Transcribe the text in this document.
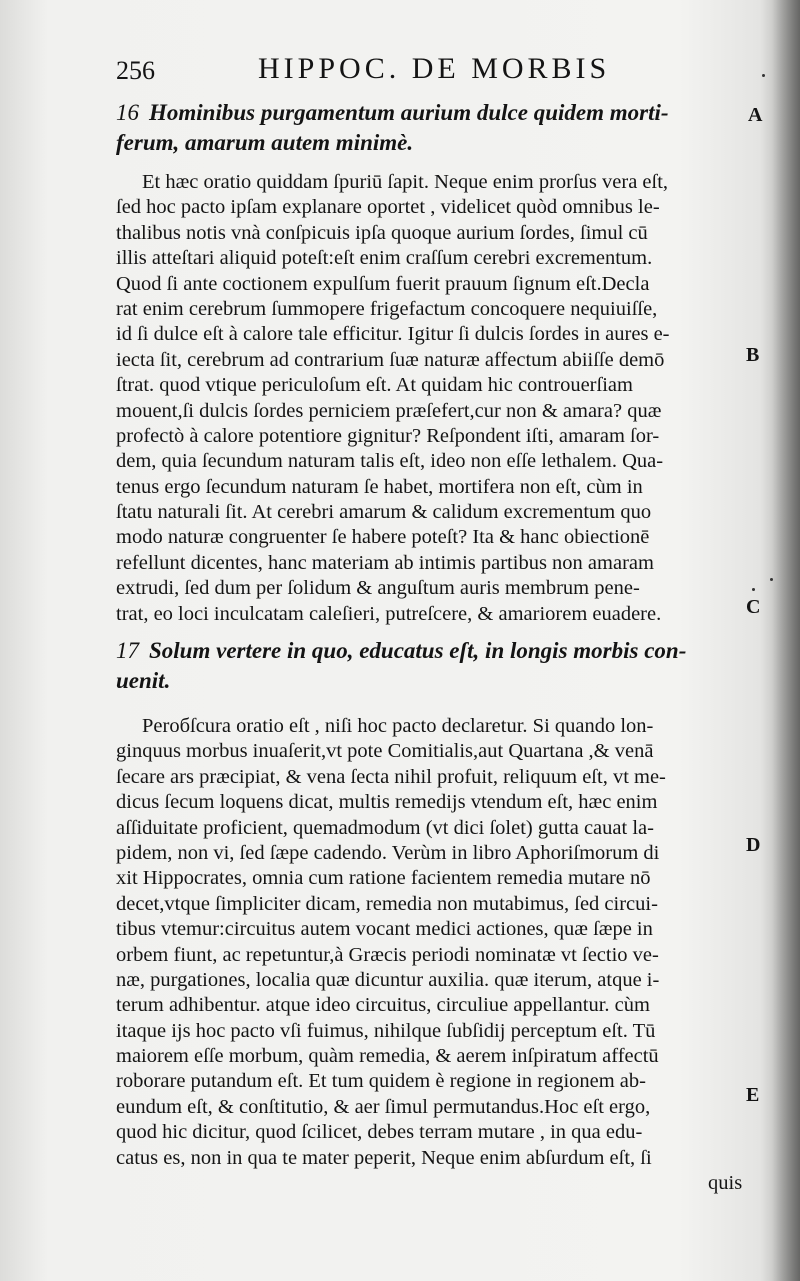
256	HIPPOC. DE MORBIS
16 Hominibus purgamentum aurium dulce quidem morti-
ferum, amarum autem minimè.
Et hæc oratio quiddam ſpuriū ſapit. Neque enim prorſus vera eſt,
ſed hoc pacto ipſam explanare oportet , videlicet quòd omnibus le-
thalibus notis vnà conſpicuis ipſa quoque aurium ſordes, ſimul cū
illis atteſtari aliquid poteſt:eſt enim craſſum cerebri excrementum.
Quod ſi ante coctionem expulſum fuerit prauum ſignum eſt.Decla
rat enim cerebrum ſummopere frigefactum concoquere nequiuiſſe,
id ſi dulce eſt à calore tale efficitur. Igitur ſi dulcis ſordes in aures e-
iecta ſit, cerebrum ad contrarium ſuæ naturæ affectum abiiſſe demō
ſtrat. quod vtique periculoſum eſt. At quidam hic controuerſiam
mouent,ſi dulcis ſordes perniciem præſefert,cur non & amara? quæ
profectò à calore potentiore gignitur? Reſpondent iſti, amaram ſor-
dem, quia ſecundum naturam talis eſt, ideo non eſſe lethalem. Qua-
tenus ergo ſecundum naturam ſe habet, mortifera non eſt, cùm in
ſtatu naturali ſit. At cerebri amarum & calidum excrementum quo
modo naturæ congruenter ſe habere poteſt? Ita & hanc obiectionē
refellunt dicentes, hanc materiam ab intimis partibus non amaram
extrudi, ſed dum per ſolidum & anguſtum auris membrum pene-
trat, eo loci inculcatam caleſieri, putreſcere, & amariorem euadere.
17 Solum vertere in quo, educatus eſt, in longis morbis con-
uenit.
Peroбſcura oratio eſt , niſi hoc pacto declaretur. Si quando lon-
ginquus morbus inuaſerit,vt pote Comitialis,aut Quartana ,& venā
ſecare ars præcipiat, & vena ſecta nihil profuit, reliquum eſt, vt me-
dicus ſecum loquens dicat, multis remedijs vtendum eſt, hæc enim
aſſiduitate proficient, quemadmodum (vt dici ſolet) gutta cauat la-
pidem, non vi, ſed ſæpe cadendo. Verùm in libro Aphoriſmorum di
xit Hippocrates, omnia cum ratione facientem remedia mutare nō
decet,vtque ſimpliciter dicam, remedia non mutabimus, ſed circui-
tibus vtemur:circuitus autem vocant medici actiones, quæ ſæpe in
orbem fiunt, ac repetuntur,à Græcis periodi nominatæ vt ſectio ve-
næ, purgationes, localia quæ dicuntur auxilia. quæ iterum, atque i-
terum adhibentur. atque ideo circuitus, circuliue appellantur. cùm
itaque ijs hoc pacto vſi fuimus, nihilque ſubſidij perceptum eſt. Tū
maiorem eſſe morbum, quàm remedia, & aerem inſpiratum affectū
roborare putandum eſt. Et tum quidem è regione in regionem ab-
eundum eſt, & conſtitutio, & aer ſimul permutandus.Hoc eſt ergo,
quod hic dicitur, quod ſcilicet, debes terram mutare , in qua edu-
catus es, non in qua te mater peperit, Neque enim abſurdum eſt, ſi
quis
A
B
C
D
E
